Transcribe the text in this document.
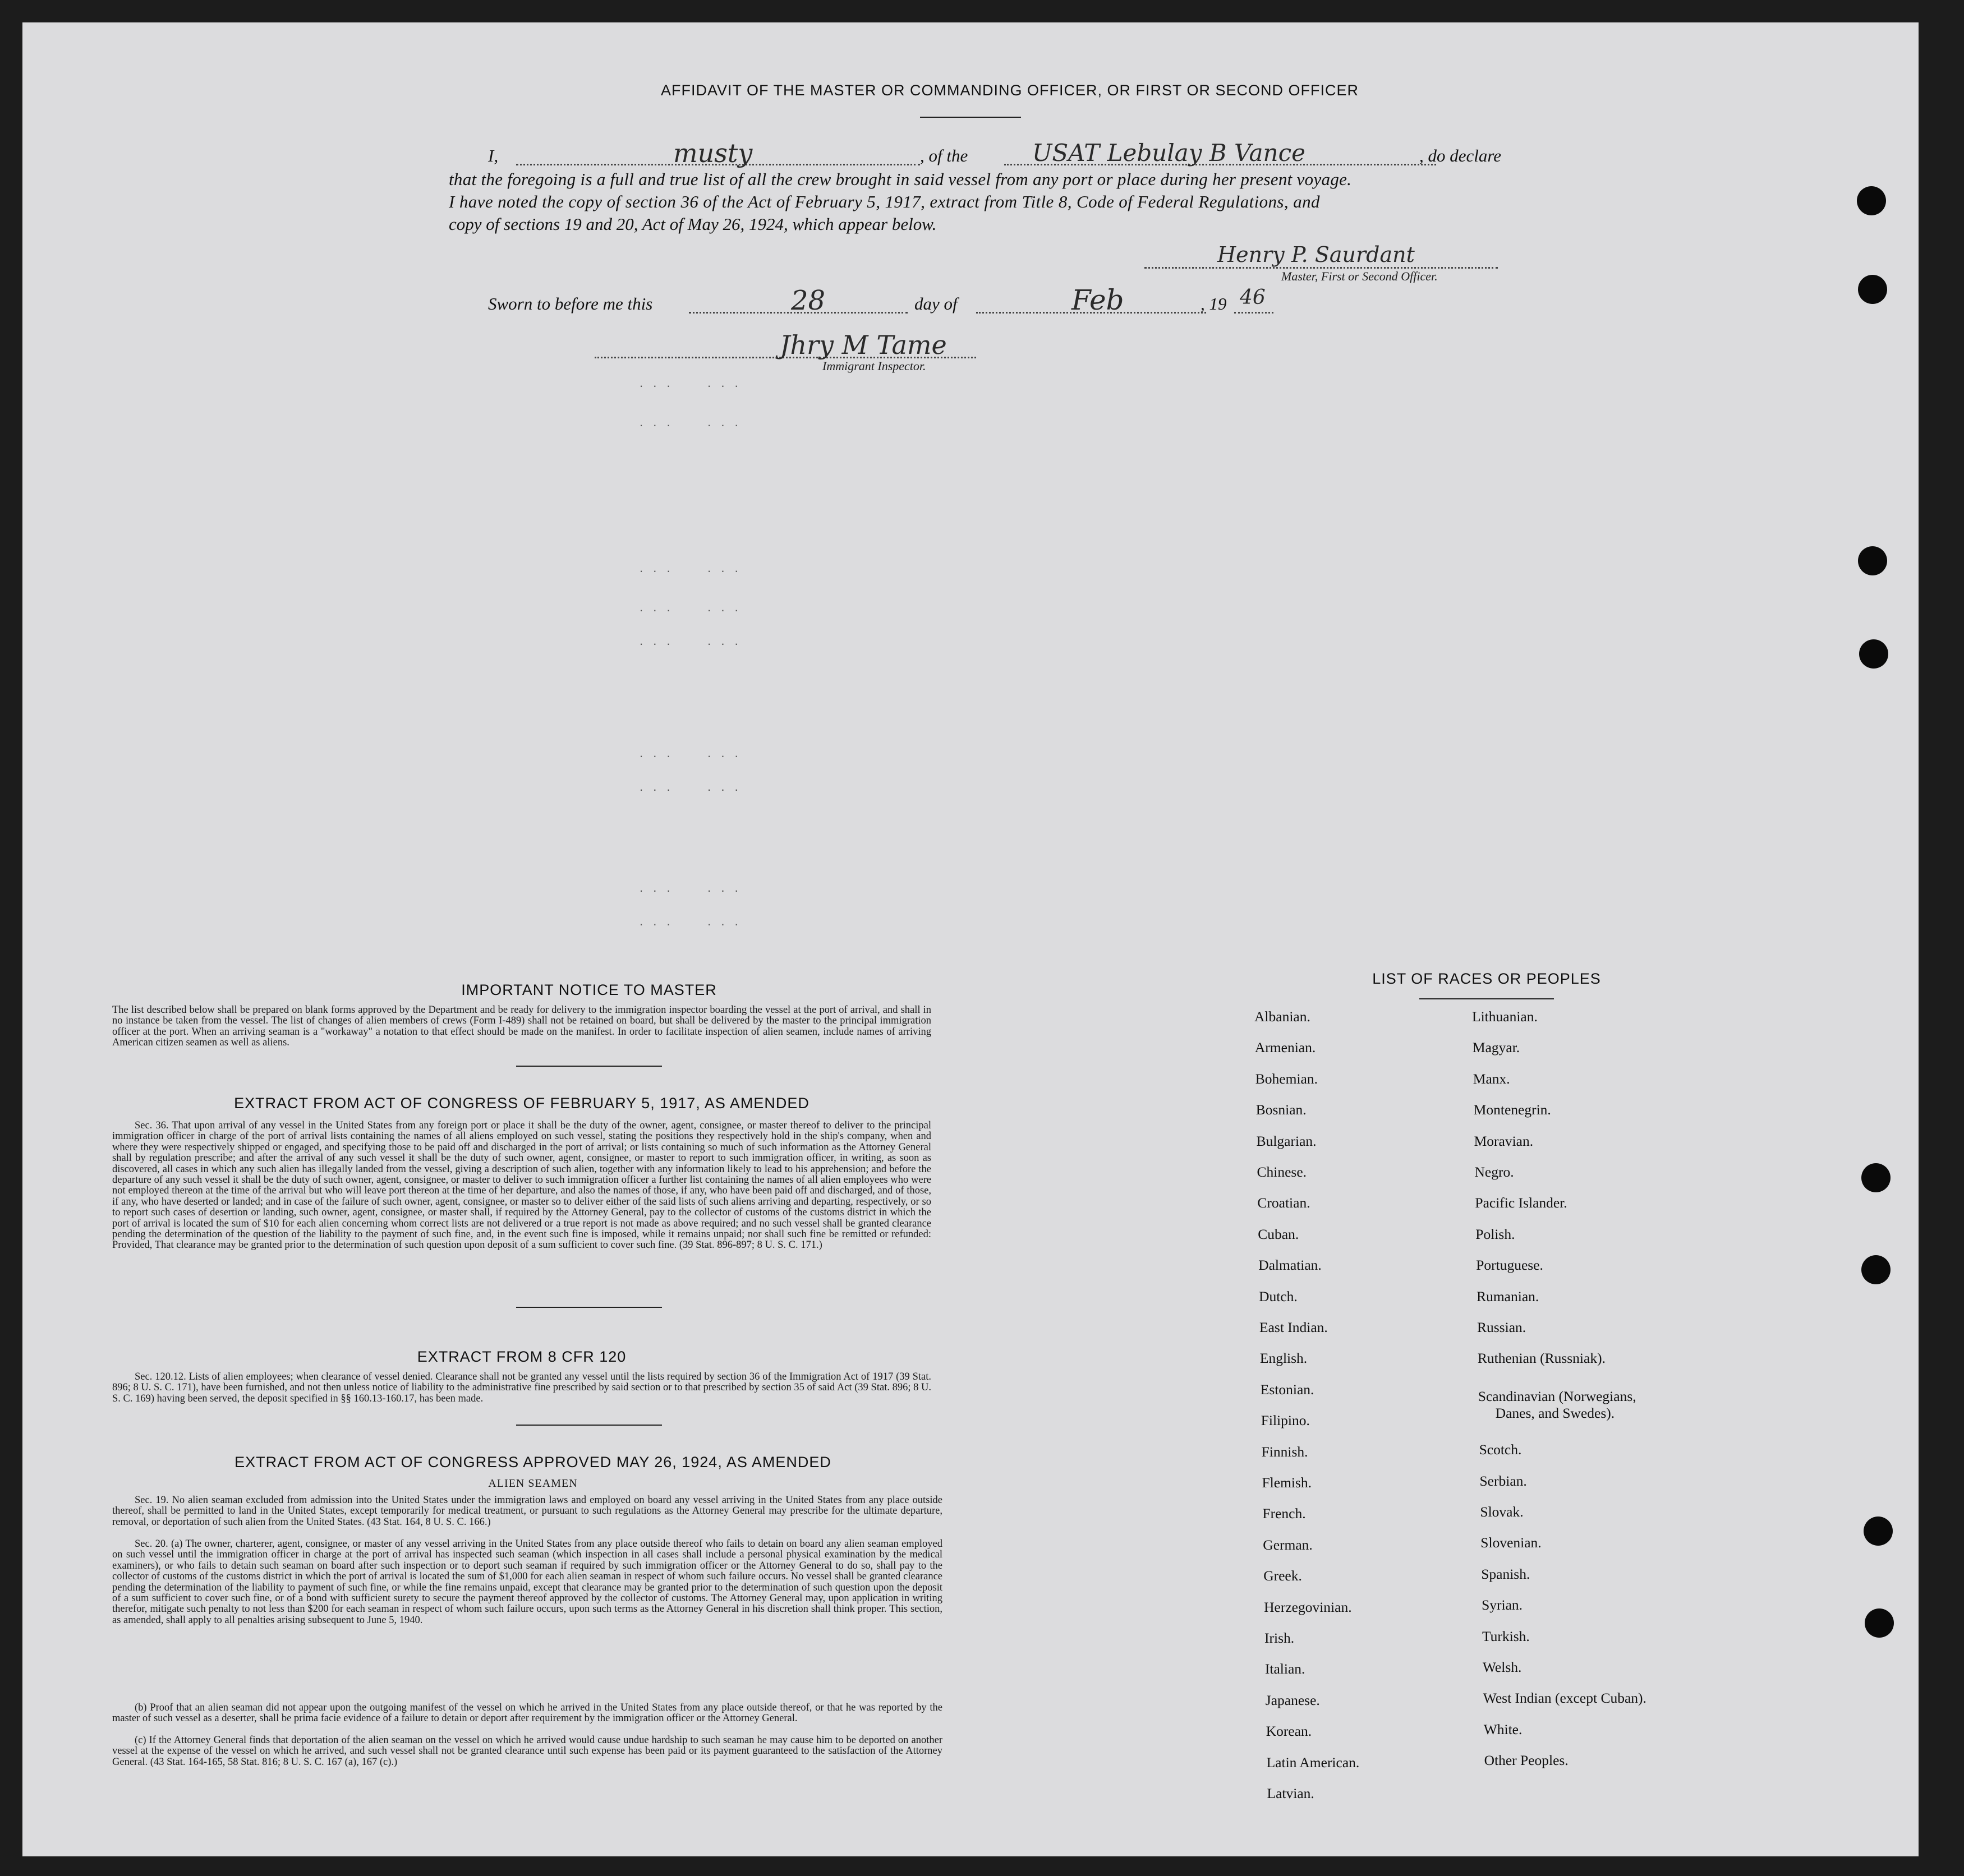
. . .     . . .
. . .     . . .
. . .     . . .
. . .     . . .
. . .     . . .
. . .     . . .
. . .     . . .
. . .     . . .
. . .     . . .
AFFIDAVIT OF THE MASTER OR COMMANDING OFFICER, OR FIRST OR SECOND OFFICER
I,	musty	, of the	USAT Lebulay B Vance	, do declare
that the foregoing is a full and true list of all the crew brought in said vessel from any port or place during her present voyage.
I have noted the copy of section 36 of the Act of February 5, 1917, extract from Title 8, Code of Federal Regulations, and
copy of sections 19 and 20, Act of May 26, 1924, which appear below.
Henry P. Saurdant
Master, First or Second Officer.
Sworn to before me this	28	day of	Feb	, 19 46
Jhry M Tame
Immigrant Inspector.
IMPORTANT NOTICE TO MASTER
The list described below shall be prepared on blank forms approved by the Department and be ready for delivery to the immigration inspector boarding the vessel at the port of arrival, and shall in no instance be taken from the vessel. The list of changes of alien members of crews (Form I-489) shall not be retained on board, but shall be delivered by the master to the principal immigration officer at the port. When an arriving seaman is a "workaway" a notation to that effect should be made on the manifest. In order to facilitate inspection of alien seamen, include names of arriving American citizen seamen as well as aliens.
EXTRACT FROM ACT OF CONGRESS OF FEBRUARY 5, 1917, AS AMENDED
Sec. 36. That upon arrival of any vessel in the United States from any foreign port or place it shall be the duty of the owner, agent, consignee, or master thereof to deliver to the principal immigration officer in charge of the port of arrival lists containing the names of all aliens employed on such vessel, stating the positions they respectively hold in the ship's company, when and where they were respectively shipped or engaged, and specifying those to be paid off and discharged in the port of arrival; or lists containing so much of such information as the Attorney General shall by regulation prescribe; and after the arrival of any such vessel it shall be the duty of such owner, agent, consignee, or master to report to such immigration officer, in writing, as soon as discovered, all cases in which any such alien has illegally landed from the vessel, giving a description of such alien, together with any information likely to lead to his apprehension; and before the departure of any such vessel it shall be the duty of such owner, agent, consignee, or master to deliver to such immigration officer a further list containing the names of all alien employees who were not employed thereon at the time of the arrival but who will leave port thereon at the time of her departure, and also the names of those, if any, who have been paid off and discharged, and of those, if any, who have deserted or landed; and in case of the failure of such owner, agent, consignee, or master so to deliver either of the said lists of such aliens arriving and departing, respectively, or so to report such cases of desertion or landing, such owner, agent, consignee, or master shall, if required by the Attorney General, pay to the collector of customs of the customs district in which the port of arrival is located the sum of $10 for each alien concerning whom correct lists are not delivered or a true report is not made as above required; and no such vessel shall be granted clearance pending the determination of the question of the liability to the payment of such fine, and, in the event such fine is imposed, while it remains unpaid; nor shall such fine be remitted or refunded: Provided, That clearance may be granted prior to the determination of such question upon deposit of a sum sufficient to cover such fine. (39 Stat. 896-897; 8 U. S. C. 171.)
EXTRACT FROM 8 CFR 120
Sec. 120.12. Lists of alien employees; when clearance of vessel denied. Clearance shall not be granted any vessel until the lists required by section 36 of the Immigration Act of 1917 (39 Stat. 896; 8 U. S. C. 171), have been furnished, and not then unless notice of liability to the administrative fine prescribed by said section or to that prescribed by section 35 of said Act (39 Stat. 896; 8 U. S. C. 169) having been served, the deposit specified in §§ 160.13-160.17, has been made.
EXTRACT FROM ACT OF CONGRESS APPROVED MAY 26, 1924, AS AMENDED
ALIEN SEAMEN
Sec. 19. No alien seaman excluded from admission into the United States under the immigration laws and employed on board any vessel arriving in the United States from any place outside thereof, shall be permitted to land in the United States, except temporarily for medical treatment, or pursuant to such regulations as the Attorney General may prescribe for the ultimate departure, removal, or deportation of such alien from the United States. (43 Stat. 164, 8 U. S. C. 166.)
Sec. 20. (a) The owner, charterer, agent, consignee, or master of any vessel arriving in the United States from any place outside thereof who fails to detain on board any alien seaman employed on such vessel until the immigration officer in charge at the port of arrival has inspected such seaman (which inspection in all cases shall include a personal physical examination by the medical examiners), or who fails to detain such seaman on board after such inspection or to deport such seaman if required by such immigration officer or the Attorney General to do so, shall pay to the collector of customs of the customs district in which the port of arrival is located the sum of $1,000 for each alien seaman in respect of whom such failure occurs. No vessel shall be granted clearance pending the determination of the liability to payment of such fine, or while the fine remains unpaid, except that clearance may be granted prior to the determination of such question upon the deposit of a sum sufficient to cover such fine, or of a bond with sufficient surety to secure the payment thereof approved by the collector of customs. The Attorney General may, upon application in writing therefor, mitigate such penalty to not less than $200 for each seaman in respect of whom such failure occurs, upon such terms as the Attorney General in his discretion shall think proper. This section, as amended, shall apply to all penalties arising subsequent to June 5, 1940.
(b) Proof that an alien seaman did not appear upon the outgoing manifest of the vessel on which he arrived in the United States from any place outside thereof, or that he was reported by the master of such vessel as a deserter, shall be prima facie evidence of a failure to detain or deport after requirement by the immigration officer or the Attorney General.
(c) If the Attorney General finds that deportation of the alien seaman on the vessel on which he arrived would cause undue hardship to such seaman he may cause him to be deported on another vessel at the expense of the vessel on which he arrived, and such vessel shall not be granted clearance until such expense has been paid or its payment guaranteed to the satisfaction of the Attorney General. (43 Stat. 164-165, 58 Stat. 816; 8 U. S. C. 167 (a), 167 (c).)
LIST OF RACES OR PEOPLES
Albanian.
Armenian.
Bohemian.
Bosnian.
Bulgarian.
Chinese.
Croatian.
Cuban.
Dalmatian.
Dutch.
East Indian.
English.
Estonian.
Filipino.
Finnish.
Flemish.
French.
German.
Greek.
Herzegovinian.
Irish.
Italian.
Japanese.
Korean.
Latin American.
Latvian.
Lithuanian.
Magyar.
Manx.
Montenegrin.
Moravian.
Negro.
Pacific Islander.
Polish.
Portuguese.
Rumanian.
Russian.
Ruthenian (Russniak).
Scandinavian (Norwegians,
Danes, and Swedes).
Scotch.
Serbian.
Slovak.
Slovenian.
Spanish.
Syrian.
Turkish.
Welsh.
West Indian (except Cuban).
White.
Other Peoples.
